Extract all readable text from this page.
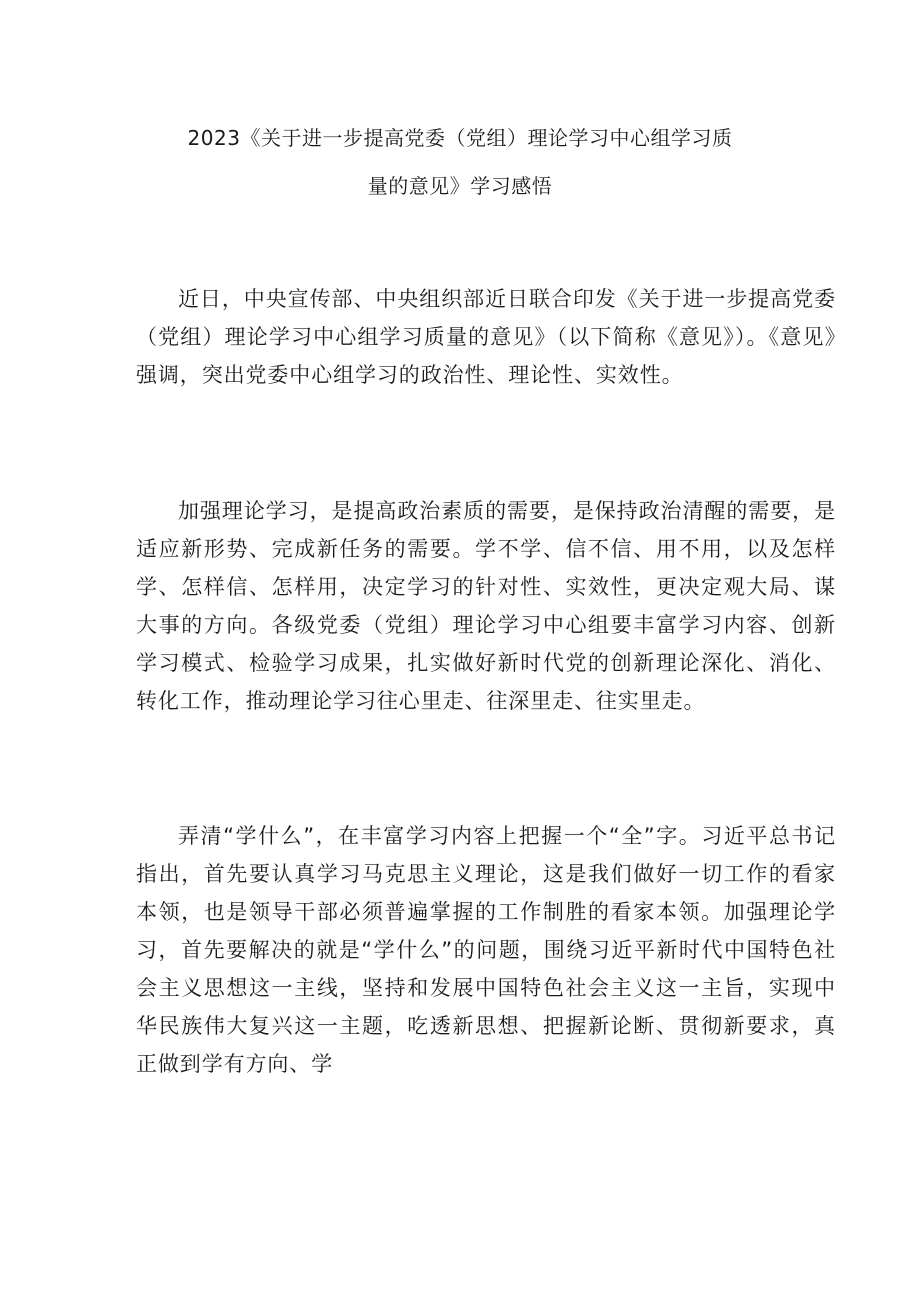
2023《关于进一步提高党委（党组）理论学习中心组学习质
量的意见》学习感悟

近日，中央宣传部、中央组织部近日联合印发《关于进一步提高党委（党组）理论学习中心组学习质量的意见》（以下简称《意见》）。《意见》强调，突出党委中心组学习的政治性、理论性、实效性。

加强理论学习，是提高政治素质的需要，是保持政治清醒的需要，是适应新形势、完成新任务的需要。学不学、信不信、用不用，以及怎样学、怎样信、怎样用，决定学习的针对性、实效性，更决定观大局、谋大事的方向。各级党委（党组）理论学习中心组要丰富学习内容、创新学习模式、检验学习成果，扎实做好新时代党的创新理论深化、消化、转化工作，推动理论学习往心里走、往深里走、往实里走。

弄清“学什么”，在丰富学习内容上把握一个“全”字。习近平总书记指出，首先要认真学习马克思主义理论，这是我们做好一切工作的看家本领，也是领导干部必须普遍掌握的工作制胜的看家本领。加强理论学习，首先要解决的就是“学什么”的问题，围绕习近平新时代中国特色社会主义思想这一主线，坚持和发展中国特色社会主义这一主旨，实现中华民族伟大复兴这一主题，吃透新思想、把握新论断、贯彻新要求，真正做到学有方向、学
